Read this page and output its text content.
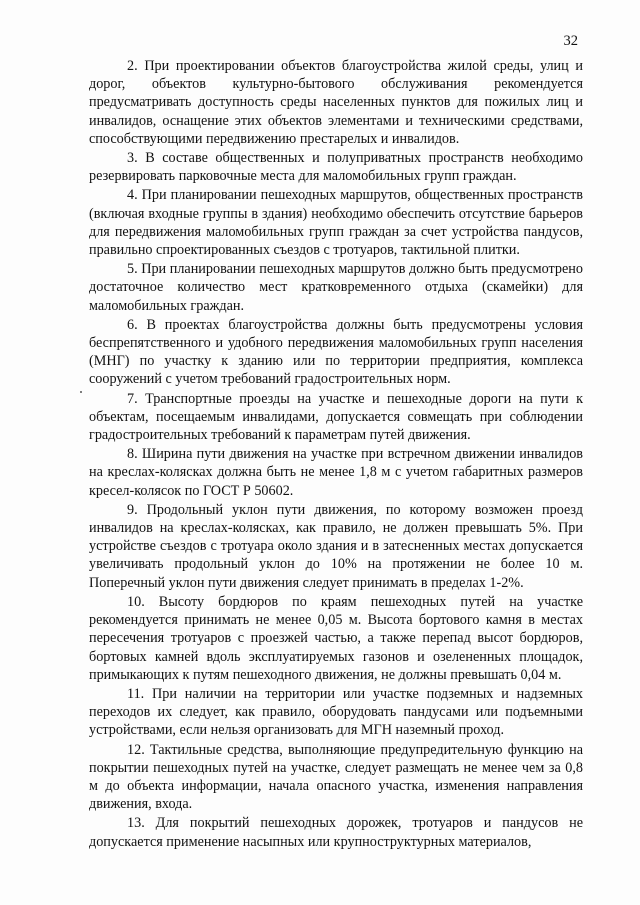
32

2. При проектировании объектов благоустройства жилой среды, улиц и дорог, объектов культурно-бытового обслуживания рекомендуется предусматривать доступность среды населенных пунктов для пожилых лиц и инвалидов, оснащение этих объектов элементами и техническими средствами, способствующими передвижению престарелых и инвалидов.

3. В составе общественных и полуприватных пространств необходимо резервировать парковочные места для маломобильных групп граждан.

4. При планировании пешеходных маршрутов, общественных пространств (включая входные группы в здания) необходимо обеспечить отсутствие барьеров для передвижения маломобильных групп граждан за счет устройства пандусов, правильно спроектированных съездов с тротуаров, тактильной плитки.

5. При планировании пешеходных маршрутов должно быть предусмотрено достаточное количество мест кратковременного отдыха (скамейки) для маломобильных граждан.

6. В проектах благоустройства должны быть предусмотрены условия беспрепятственного и удобного передвижения маломобильных групп населения (МНГ) по участку к зданию или по территории предприятия, комплекса сооружений с учетом требований градостроительных норм.

7. Транспортные проезды на участке и пешеходные дороги на пути к объектам, посещаемым инвалидами, допускается совмещать при соблюдении градостроительных требований к параметрам путей движения.

8. Ширина пути движения на участке при встречном движении инвалидов на креслах-колясках должна быть не менее 1,8 м с учетом габаритных размеров кресел-колясок по ГОСТ Р 50602.

9. Продольный уклон пути движения, по которому возможен проезд инвалидов на креслах-колясках, как правило, не должен превышать 5%. При устройстве съездов с тротуара около здания и в затесненных местах допускается увеличивать продольный уклон до 10% на протяжении не более 10 м. Поперечный уклон пути движения следует принимать в пределах 1-2%.

10. Высоту бордюров по краям пешеходных путей на участке рекомендуется принимать не менее 0,05 м. Высота бортового камня в местах пересечения тротуаров с проезжей частью, а также перепад высот бордюров, бортовых камней вдоль эксплуатируемых газонов и озелененных площадок, примыкающих к путям пешеходного движения, не должны превышать 0,04 м.

11. При наличии на территории или участке подземных и надземных переходов их следует, как правило, оборудовать пандусами или подъемными устройствами, если нельзя организовать для МГН наземный проход.

12. Тактильные средства, выполняющие предупредительную функцию на покрытии пешеходных путей на участке, следует размещать не менее чем за 0,8 м до объекта информации, начала опасного участка, изменения направления движения, входа.

13. Для покрытий пешеходных дорожек, тротуаров и пандусов не допускается применение насыпных или крупноструктурных материалов,
